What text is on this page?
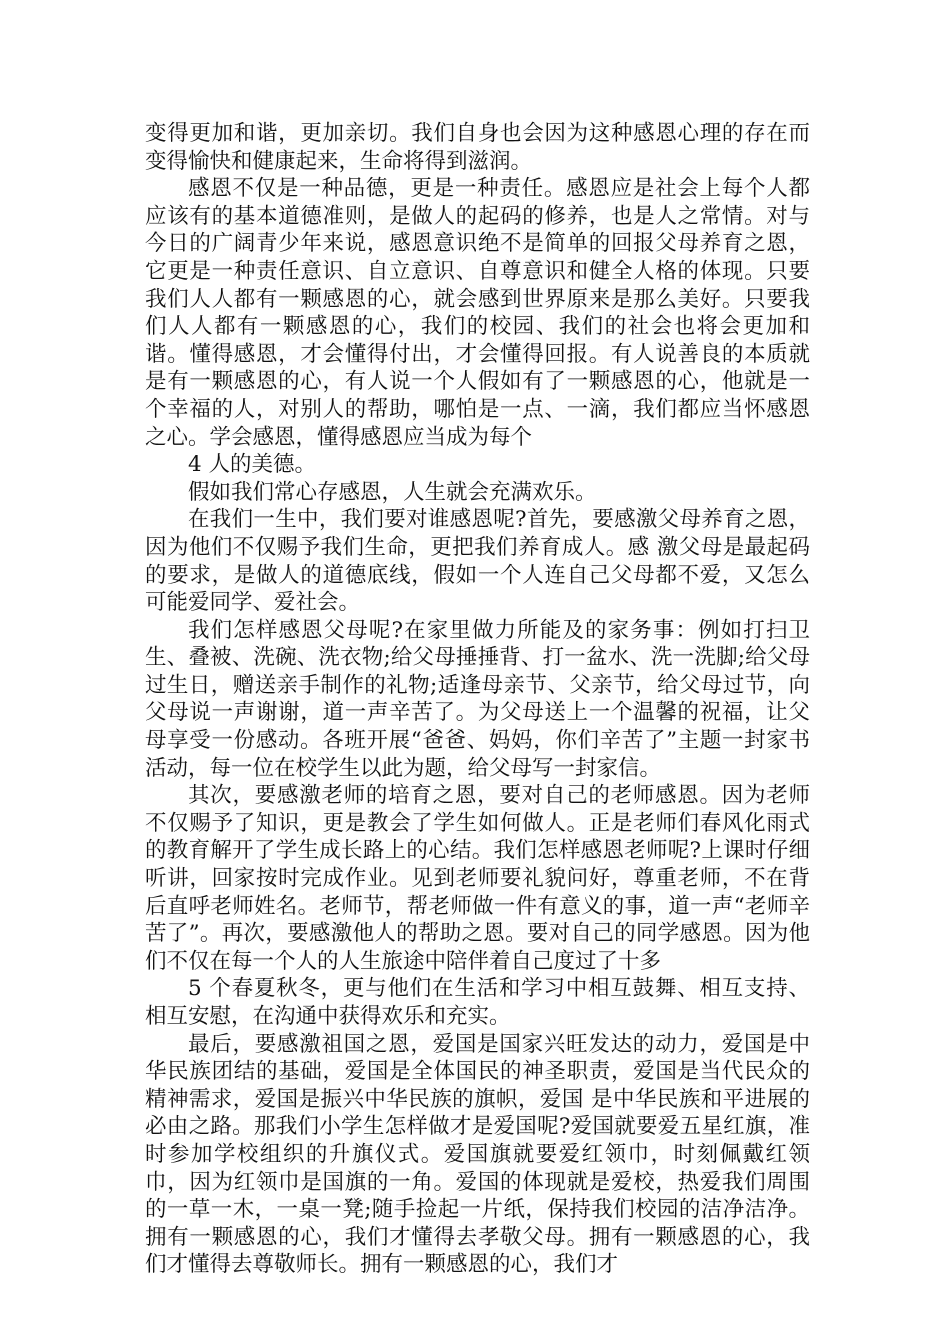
变得更加和谐，更加亲切。我们自身也会因为这种感恩心理的存在而变得愉快和健康起来，生命将得到滋润。

感恩不仅是一种品德，更是一种责任。感恩应是社会上每个人都应该有的基本道德准则，是做人的起码的修养，也是人之常情。对与今日的广阔青少年来说，感恩意识绝不是简单的回报父母养育之恩，它更是一种责任意识、自立意识、自尊意识和健全人格的体现。只要我们人人都有一颗感恩的心，就会感到世界原来是那么美好。只要我们人人都有一颗感恩的心，我们的校园、我们的社会也将会更加和谐。懂得感恩，才会懂得付出，才会懂得回报。有人说善良的本质就是有一颗感恩的心，有人说一个人假如有了一颗感恩的心，他就是一个幸福的人，对别人的帮助，哪怕是一点、一滴，我们都应当怀感恩之心。学会感恩，懂得感恩应当成为每个

4 人的美德。

假如我们常心存感恩，人生就会充满欢乐。

在我们一生中，我们要对谁感恩呢?首先，要感激父母养育之恩，因为他们不仅赐予我们生命，更把我们养育成人。感 激父母是最起码的要求，是做人的道德底线，假如一个人连自己父母都不爱，又怎么可能爱同学、爱社会。

我们怎样感恩父母呢?在家里做力所能及的家务事：例如打扫卫生、叠被、洗碗、洗衣物;给父母捶捶背、打一盆水、洗一洗脚;给父母过生日，赠送亲手制作的礼物;适逢母亲节、父亲节，给父母过节，向父母说一声谢谢，道一声辛苦了。为父母送上一个温馨的祝福，让父母享受一份感动。各班开展“爸爸、妈妈，你们辛苦了”主题一封家书活动，每一位在校学生以此为题，给父母写一封家信。

其次，要感激老师的培育之恩，要对自己的老师感恩。因为老师不仅赐予了知识，更是教会了学生如何做人。正是老师们春风化雨式的教育解开了学生成长路上的心结。我们怎样感恩老师呢?上课时仔细听讲，回家按时完成作业。见到老师要礼貌问好，尊重老师，不在背后直呼老师姓名。老师节，帮老师做一件有意义的事，道一声“老师辛苦了”。再次，要感激他人的帮助之恩。要对自己的同学感恩。因为他们不仅在每一个人的人生旅途中陪伴着自己度过了十多

5 个春夏秋冬，更与他们在生活和学习中相互鼓舞、相互支持、相互安慰，在沟通中获得欢乐和充实。

最后，要感激祖国之恩，爱国是国家兴旺发达的动力，爱国是中华民族团结的基础，爱国是全体国民的神圣职责，爱国是当代民众的精神需求，爱国是振兴中华民族的旗帜，爱国 是中华民族和平进展的必由之路。那我们小学生怎样做才是爱国呢?爱国就要爱五星红旗，准时参加学校组织的升旗仪式。爱国旗就要爱红领巾，时刻佩戴红领巾，因为红领巾是国旗的一角。爱国的体现就是爱校，热爱我们周围的一草一木，一桌一凳;随手捡起一片纸，保持我们校园的洁净洁净。拥有一颗感恩的心，我们才懂得去孝敬父母。拥有一颗感恩的心，我们才懂得去尊敬师长。拥有一颗感恩的心，我们才
